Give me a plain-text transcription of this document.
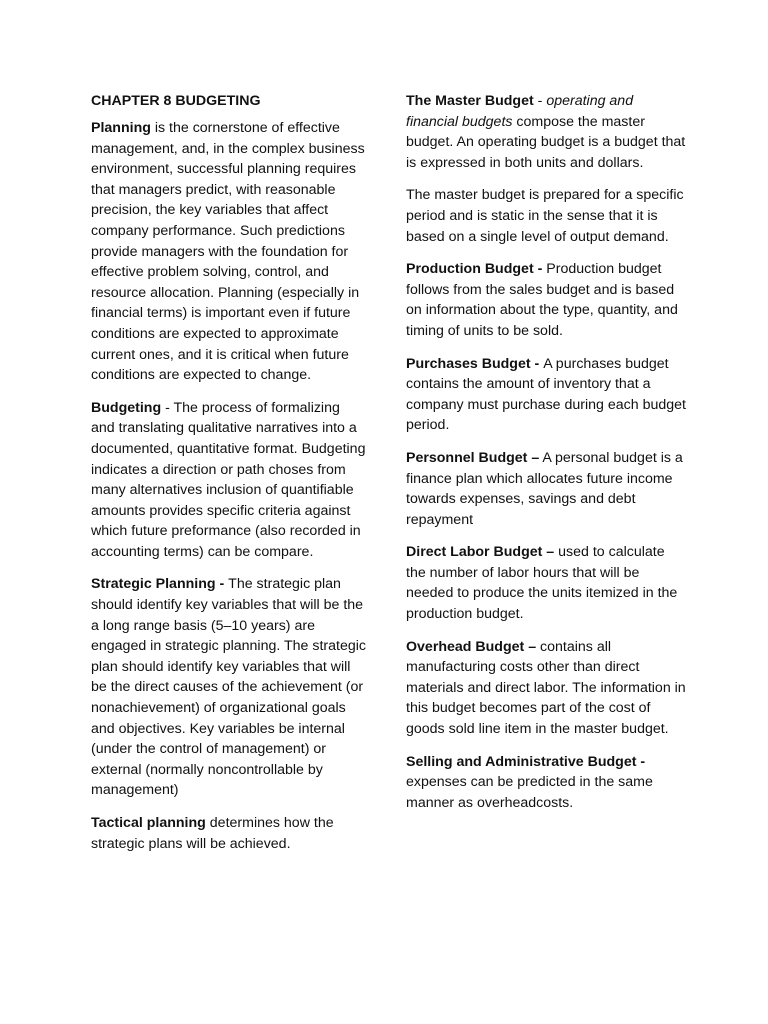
CHAPTER 8 BUDGETING

Planning is the cornerstone of effective management, and, in the complex business environment, successful planning requires that managers predict, with reasonable precision, the key variables that affect company performance. Such predictions provide managers with the foundation for effective problem solving, control, and resource allocation. Planning (especially in financial terms) is important even if future conditions are expected to approximate current ones, and it is critical when future conditions are expected to change.

Budgeting - The process of formalizing and translating qualitative narratives into a documented, quantitative format. Budgeting indicates a direction or path choses from many alternatives inclusion of quantifiable amounts provides specific criteria against which future preformance (also recorded in accounting terms) can be compare.

Strategic Planning - The strategic plan should identify key variables that will be the a long range basis (5–10 years) are engaged in strategic planning. The strategic plan should identify key variables that will be the direct causes of the achievement (or nonachievement) of organizational goals and objectives. Key variables be internal (under the control of management) or external (normally noncontrollable by management)

Tactical planning determines how the strategic plans will be achieved.

The Master Budget - operating and financial budgets compose the master budget. An operating budget is a budget that is expressed in both units and dollars.

The master budget is prepared for a specific period and is static in the sense that it is based on a single level of output demand.

Production Budget - Production budget follows from the sales budget and is based on information about the type, quantity, and timing of units to be sold.

Purchases Budget - A purchases budget contains the amount of inventory that a company must purchase during each budget period.

Personnel Budget – A personal budget is a finance plan which allocates future income towards expenses, savings and debt repayment

Direct Labor Budget – used to calculate the number of labor hours that will be needed to produce the units itemized in the production budget.

Overhead Budget – contains all manufacturing costs other than direct materials and direct labor. The information in this budget becomes part of the cost of goods sold line item in the master budget.

Selling and Administrative Budget -
expenses can be predicted in the same manner as overheadcosts.
